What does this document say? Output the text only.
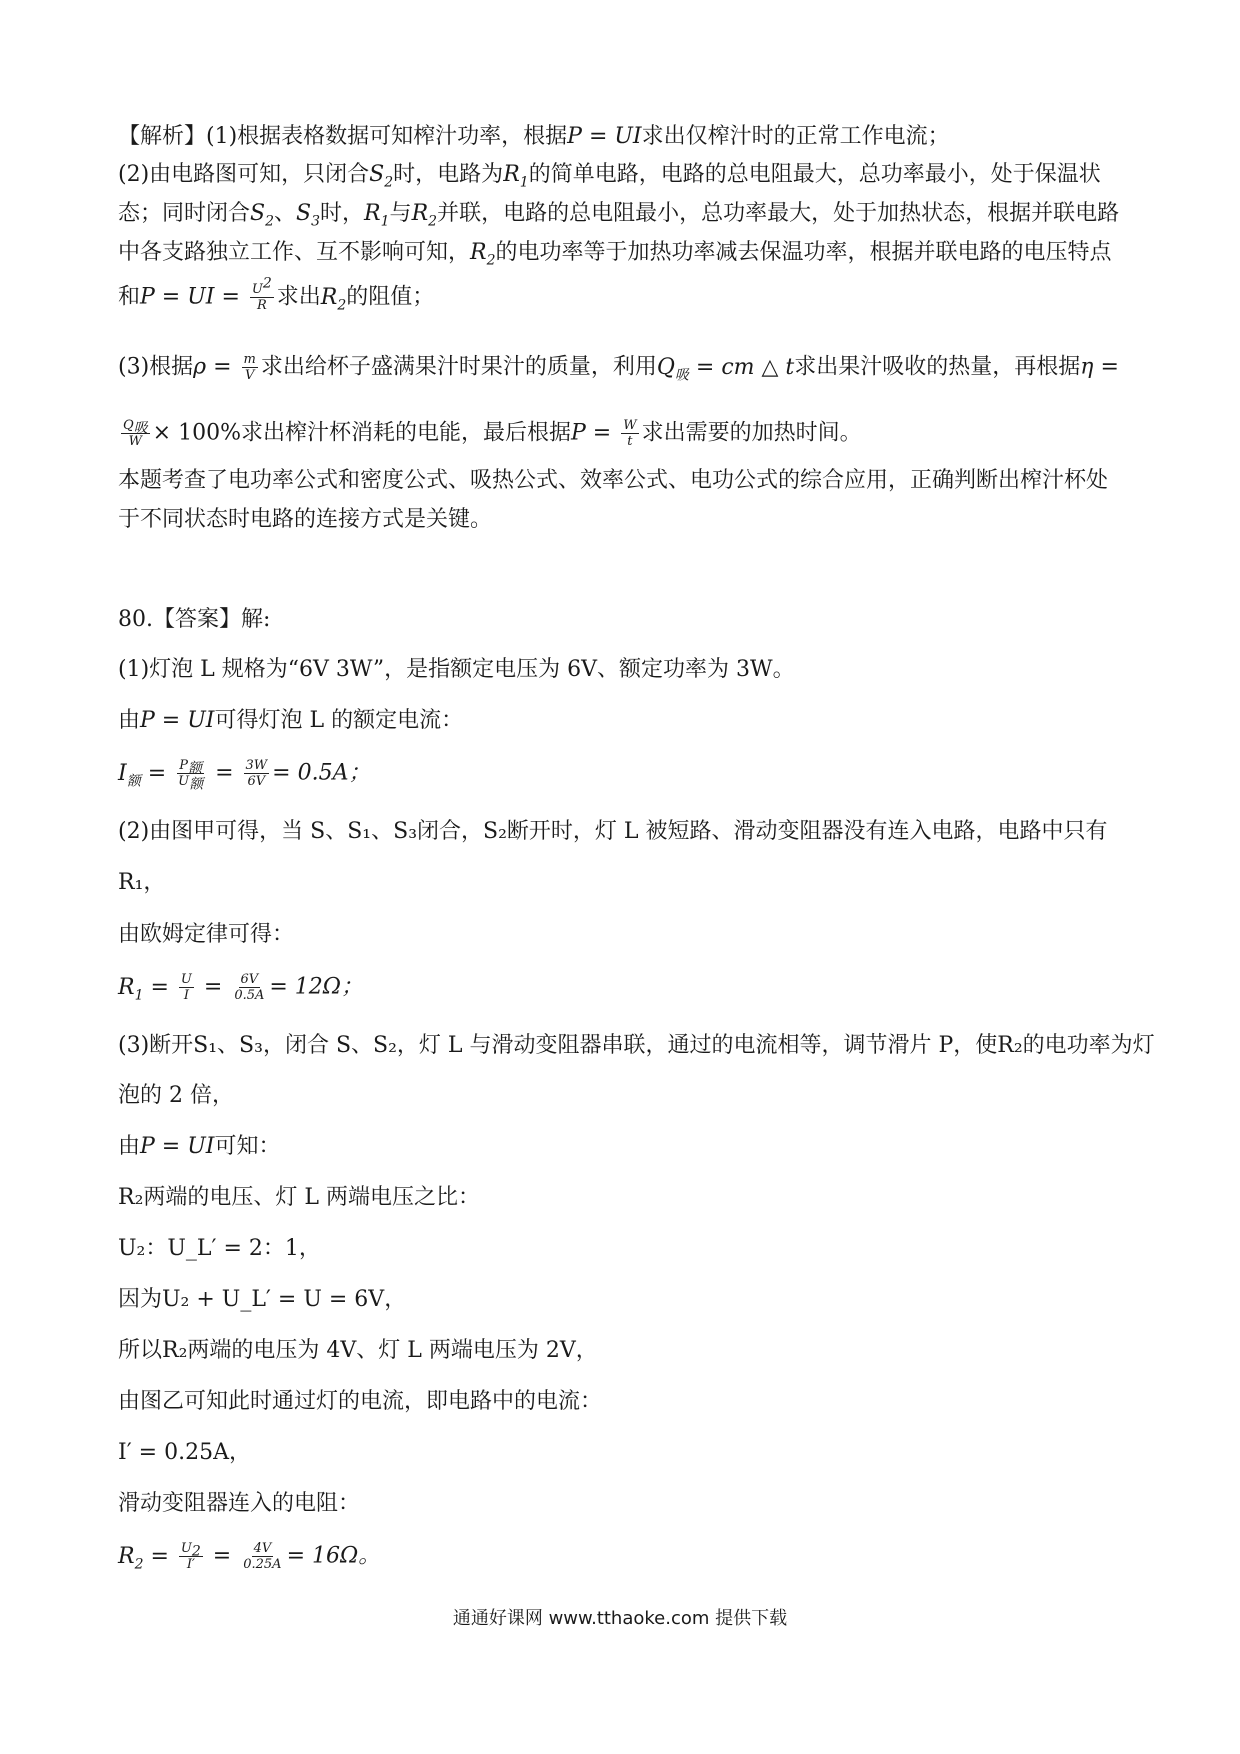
【解析】(1)根据表格数据可知榨汁功率，根据P = UI求出仅榨汁时的正常工作电流；
(2)由电路图可知，只闭合$S_2$时，电路为$R_1$的简单电路，电路的总电阻最大，总功率最小，处于保温状
态；同时闭合$S_2$、$S_3$时，$R_1$与$R_2$并联，电路的总电阻最小，总功率最大，处于加热状态，根据并联电路
中各支路独立工作、互不影响可知，$R_2$的电功率等于加热功率减去保温功率，根据并联电路的电压特点
和P = UI = $\frac{U^2}{R}$ 求出$R_2$的阻值；
(3)根据$\rho = \frac{m}{V}$ 求出给杯子盛满果汁时果汁的质量，利用$Q_吸$ = cm △ t求出果汁吸收的热量，再根据η =
$\frac{Q_吸}{W} \times 100\%$求出榨汁杯消耗的电能，最后根据$P = \frac{W}{t}$ 求出需要的加热时间。
本题考查了电功率公式和密度公式、吸热公式、效率公式、电功公式的综合应用，正确判断出榨汁杯处
于不同状态时电路的连接方式是关键。
80.【答案】解:
(1)灯泡 L 规格为“6V 3W”，是指额定电压为 6V、额定功率为 3W。
由P = UI可得灯泡 L 的额定电流：
$I_额 = \frac{P_额}{U_额} = \frac{3W}{6V} = 0.5A$；
(2)由图甲可得，当 S、S₁、S₃闭合，S₂断开时，灯 L 被短路、滑动变阻器没有连入电路，电路中只有
R₁，
由欧姆定律可得：
$R_1 = \frac{U}{I} = \frac{6V}{0.5A} = 12\Omega$；
(3)断开S₁、S₃，闭合 S、S₂，灯 L 与滑动变阻器串联，通过的电流相等，调节滑片 P，使R₂的电功率为灯
泡的 2 倍，
由P = UI可知：
R₂两端的电压、灯 L 两端电压之比：
U₂：U_L′ = 2：1，
因为U₂ + U_L′ = U = 6V，
所以R₂两端的电压为 4V、灯 L 两端电压为 2V，
由图乙可知此时通过灯的电流，即电路中的电流：
I′ = 0.25A，
滑动变阻器连入的电阻：
$R_2 = \frac{U_2}{I'} = \frac{4V}{0.25A} = 16\Omega$。
通通好课网 www.tthaoke.com 提供下载
